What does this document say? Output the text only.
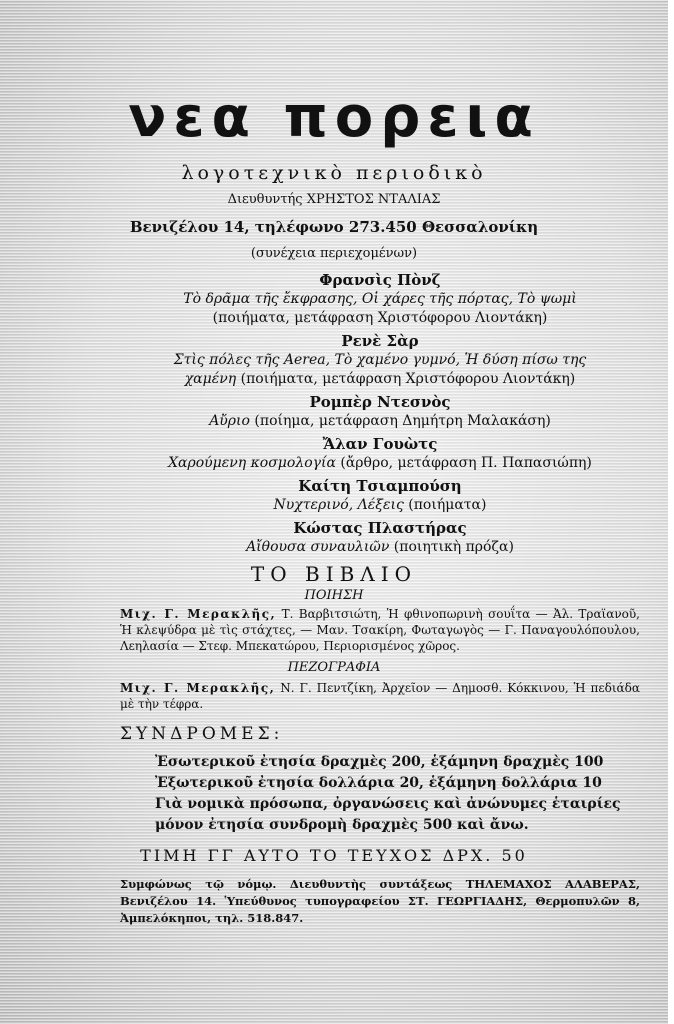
νεα πορεια
λογοτεχνικὸ περιοδικὸ
Διευθυντής ΧΡΗΣΤΟΣ ΝΤΑΛΙΑΣ
Βενιζέλου 14, τηλέφωνο 273.450 Θεσσαλονίκη
(συνέχεια περιεχομένων)
Φρανσὶς Πὸνζ
Τὸ δρᾶμα τῆς ἔκφρασης, Οἱ χάρες τῆς πόρτας, Τὸ ψωμὶ (ποιήματα, μετάφραση Χριστόφορου Λιοντάκη)
Ρενὲ Σὰρ
Στὶς πόλες τῆς Aerea, Τὸ χαμένο γυμνό, Ἡ δύση πίσω της χαμένη (ποιήματα, μετάφραση Χριστόφορου Λιοντάκη)
Ρομπὲρ Ντεσνὸς
Αὔριο (ποίημα, μετάφραση Δημήτρη Μαλακάση)
Ἄλαν Γουὼτς
Χαρούμενη κοσμολογία (ἄρθρο, μετάφραση Π. Παπασιώπη)
Καίτη Τσιαμπούση
Νυχτερινό, Λέξεις (ποιήματα)
Κώστας Πλαστήρας
Αἴθουσα συναυλιῶν (ποιητικὴ πρόζα)
ΤΟ ΒΙΒΛΙΟ
ΠΟΙΗΣΗ
Μιχ. Γ. Μερακλῆς, Τ. Βαρβιτσιώτη, Ἡ φθινοπωρινὴ σουΐτα — Ἀλ. Τραϊανοῦ, Ἡ κλεψύδρα μὲ τὶς στάχτες, — Μαν. Τσακίρη, Φωταγωγὸς — Γ. Παναγουλόπουλου, Λεηλασία — Στεφ. Μπεκατώρου, Περιορισμένος χῶρος.
ΠΕΖΟΓΡΑΦΙΑ
Μιχ. Γ. Μερακλῆς, Ν. Γ. Πεντζίκη, Ἀρχεῖον — Δημοσθ. Κόκκινου, Ἡ πεδιάδα μὲ τὴν τέφρα.
ΣΥΝΔΡΟΜΕΣ:
Ἐσωτερικοῦ ἐτησία δραχμὲς 200, ἑξάμηνη δραχμὲς 100
Ἐξωτερικοῦ ἐτησία δολλάρια 20, ἑξάμηνη δολλάρια 10
Γιὰ νομικὰ πρόσωπα, ὀργανώσεις καὶ ἀνώνυμες ἑταιρίες μόνον ἐτησία συνδρομὴ δραχμὲς 500 καὶ ἄνω.
ΤΙΜΗ ΓΓ ΑΥΤΟ ΤΟ ΤΕΥΧΟΣ ΔΡΧ. 50
Συμφώνως τῷ νόμῳ. Διευθυντὴς συντάξεως ΤΗΛΕΜΑΧΟΣ ΑΛΑΒΕΡΑΣ, Βενιζέλου 14. Ὑπεύθυνος τυπογραφείου ΣΤ. ΓΕΩΡΓΙΑΔΗΣ, Θερμοπυλῶν 8, Ἀμπελόκηποι, τηλ. 518.847.
